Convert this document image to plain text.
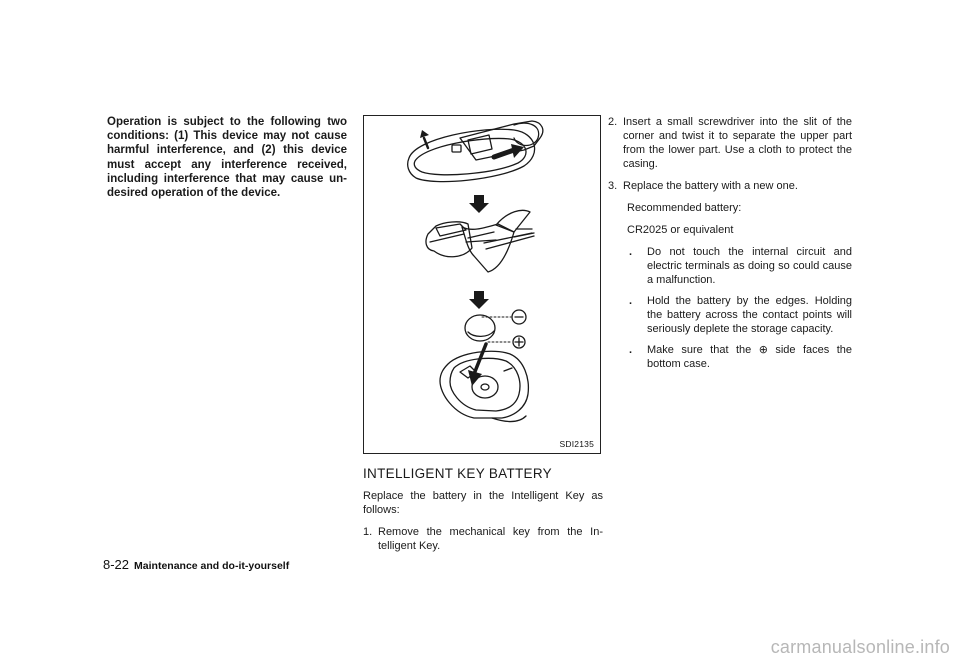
Operation is subject to the following two
conditions: (1) This device may not cause
harmful interference, and (2) this device
must accept any interference received,
including interference that may cause un-
desired operation of the device.

SDI2135
INTELLIGENT KEY BATTERY

Replace the battery in the Intelligent Key as follows:

1. Remove the mechanical key from the In- telligent Key.
2. Insert a small screwdriver into the slit of the corner and twist it to separate the upper part from the lower part. Use a cloth to protect the casing.
3. Replace the battery with a new one.

Recommended battery:

CR2025 or equivalent

.	Do not touch the internal circuit and electric terminals as doing so could cause a malfunction.
.	Hold the battery by the edges. Holding the battery across the contact points will seriously deplete the storage capacity.
.	Make sure that the ⊕ side faces the bottom case.
8-22 Maintenance and do-it-yourself
carmanualsonline.info
